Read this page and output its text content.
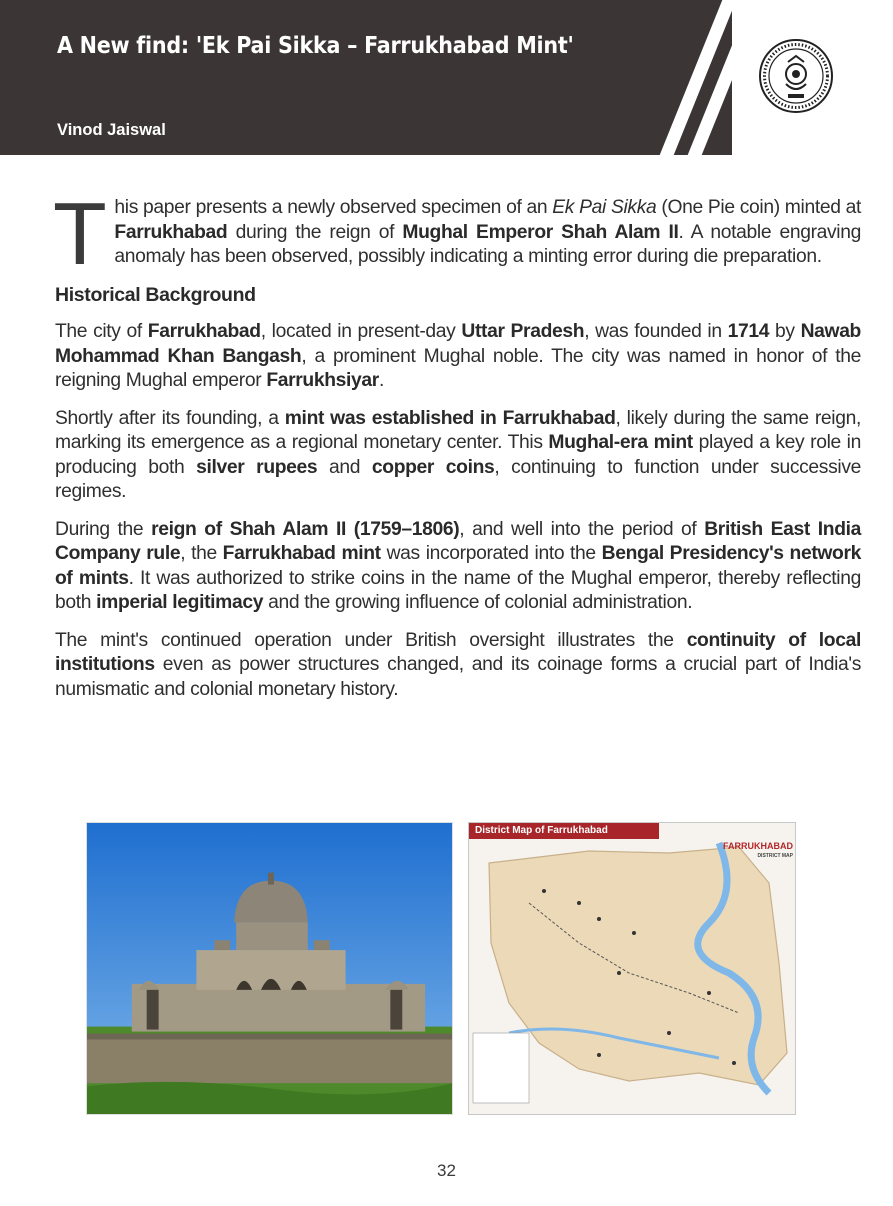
A New find: 'Ek Pai Sikka – Farrukhabad Mint'
Vinod Jaiswal

This paper presents a newly observed specimen of an Ek Pai Sikka (One Pie coin) minted at Farrukhabad during the reign of Mughal Emperor Shah Alam II. A notable engraving anomaly has been observed, possibly indicating a minting error during die preparation.

Historical Background

The city of Farrukhabad, located in present-day Uttar Pradesh, was founded in 1714 by Nawab Mohammad Khan Bangash, a prominent Mughal noble. The city was named in honor of the reigning Mughal emperor Farrukhsiyar.

Shortly after its founding, a mint was established in Farrukhabad, likely during the same reign, marking its emergence as a regional monetary center. This Mughal-era mint played a key role in producing both silver rupees and copper coins, continuing to function under successive regimes.

During the reign of Shah Alam II (1759–1806), and well into the period of British East India Company rule, the Farrukhabad mint was incorporated into the Bengal Presidency's network of mints. It was authorized to strike coins in the name of the Mughal emperor, thereby reflecting both imperial legitimacy and the growing influence of colonial administration.

The mint's continued operation under British oversight illustrates the continuity of local institutions even as power structures changed, and its coinage forms a crucial part of India's numismatic and colonial monetary history.

District Map of Farrukhabad
FARRUKHABAD
DISTRICT MAP
32
